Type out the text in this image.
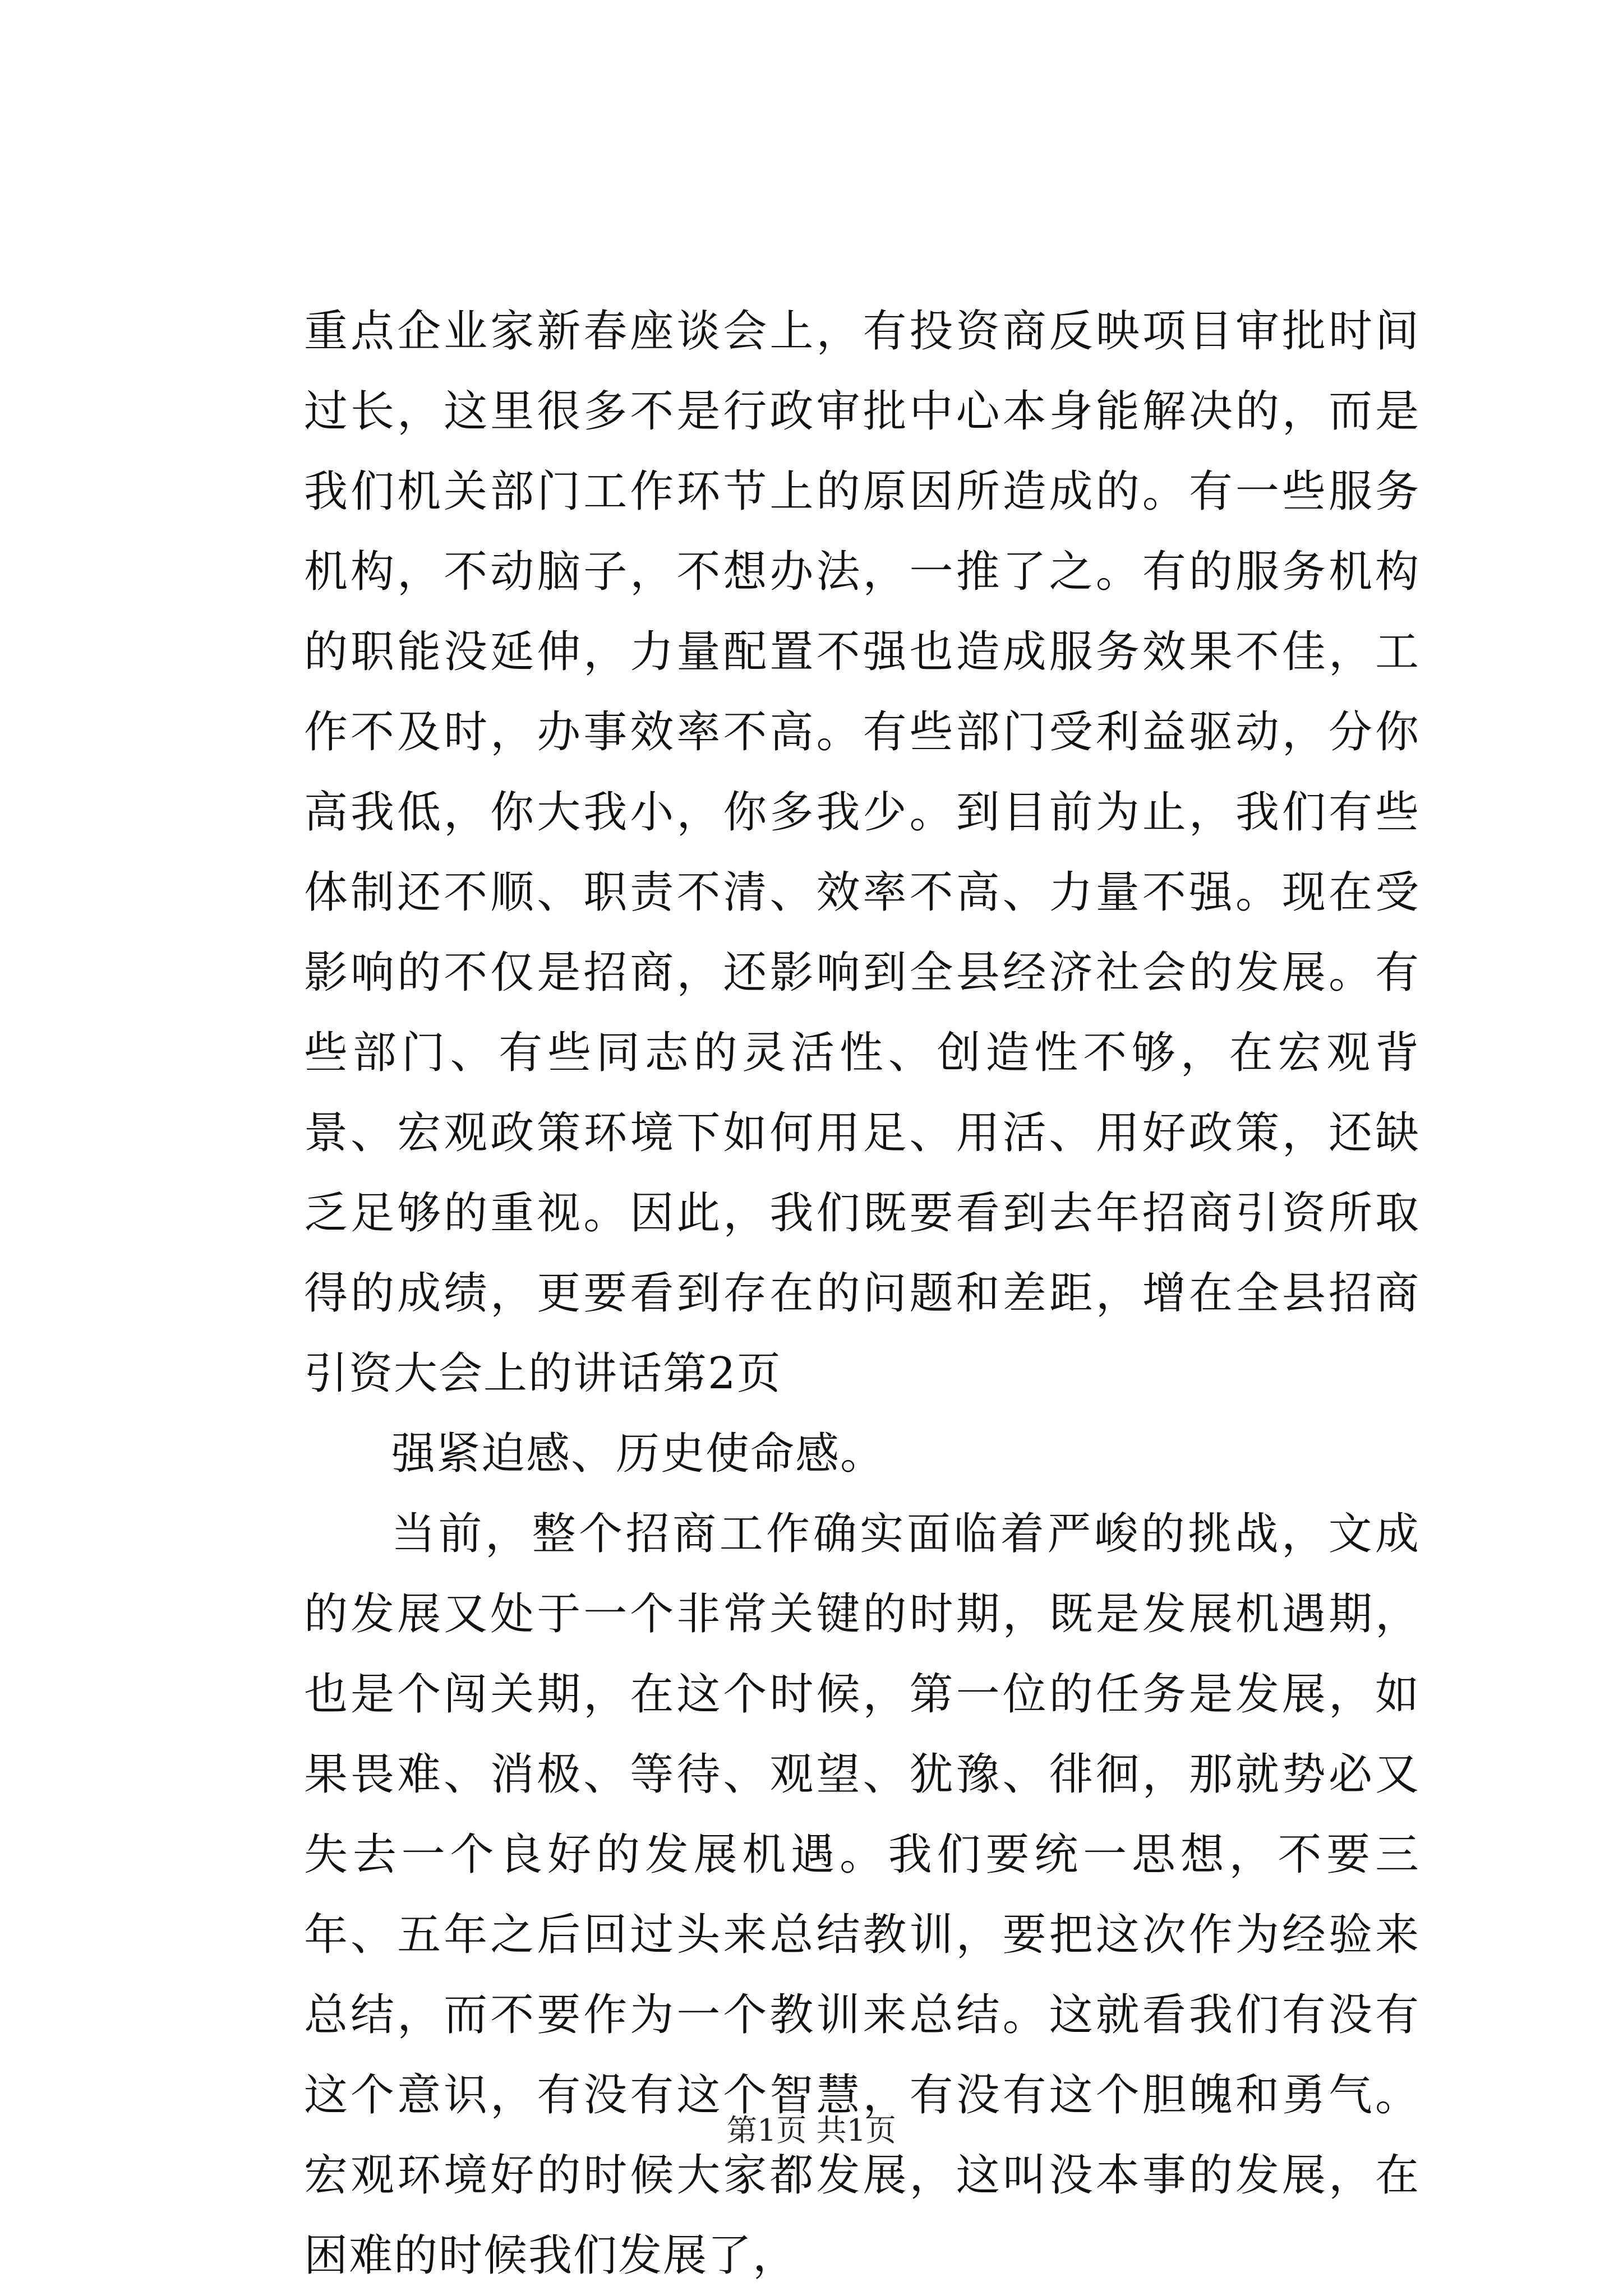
重点企业家新春座谈会上，有投资商反映项目审批时间过长，这里很多不是行政审批中心本身能解决的，而是我们机关部门工作环节上的原因所造成的。有一些服务机构，不动脑子，不想办法，一推了之。有的服务机构的职能没延伸，力量配置不强也造成服务效果不佳，工作不及时，办事效率不高。有些部门受利益驱动，分你高我低，你大我小，你多我少。到目前为止，我们有些体制还不顺、职责不清、效率不高、力量不强。现在受影响的不仅是招商，还影响到全县经济社会的发展。有些部门、有些同志的灵活性、创造性不够，在宏观背景、宏观政策环境下如何用足、用活、用好政策，还缺乏足够的重视。因此，我们既要看到去年招商引资所取得的成绩，更要看到存在的问题和差距，增在全县招商引资大会上的讲话第2页

强紧迫感、历史使命感。

当前，整个招商工作确实面临着严峻的挑战，文成的发展又处于一个非常关键的时期，既是发展机遇期，也是个闯关期，在这个时候，第一位的任务是发展，如果畏难、消极、等待、观望、犹豫、徘徊，那就势必又失去一个良好的发展机遇。我们要统一思想，不要三年、五年之后回过头来总结教训，要把这次作为经验来总结，而不要作为一个教训来总结。这就看我们有没有这个意识，有没有这个智慧，有没有这个胆魄和勇气。宏观环境好的时候大家都发展，这叫没本事的发展，在困难的时候我们发展了，

第1页 共1页
